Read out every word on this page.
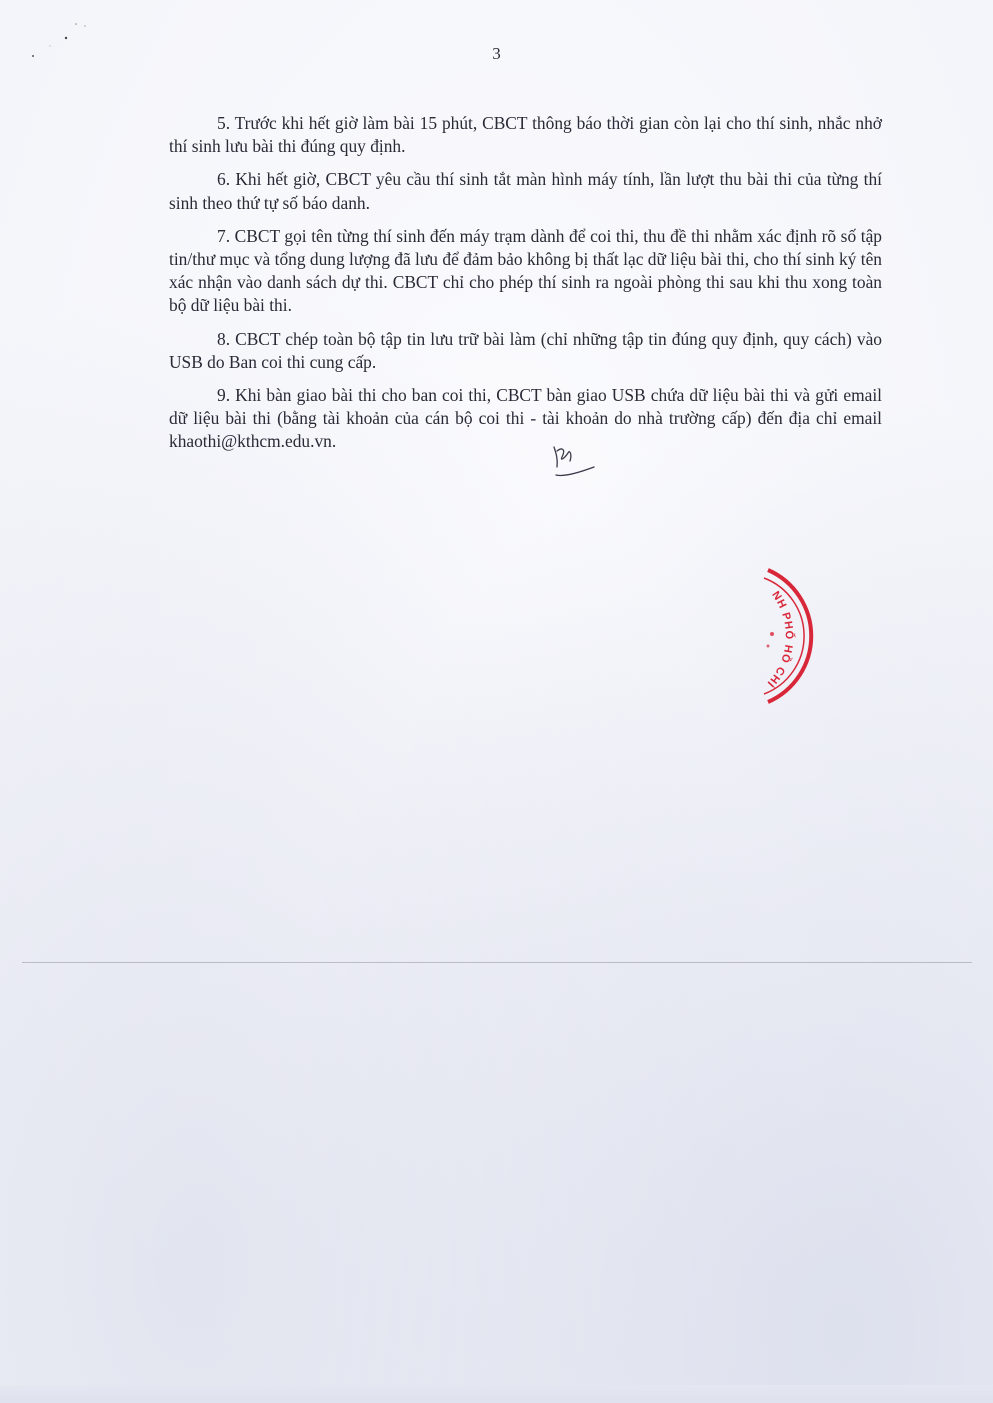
3

5. Trước khi hết giờ làm bài 15 phút, CBCT thông báo thời gian còn lại cho thí sinh, nhắc nhở thí sinh lưu bài thi đúng quy định.

6. Khi hết giờ, CBCT yêu cầu thí sinh tắt màn hình máy tính, lần lượt thu bài thi của từng thí sinh theo thứ tự số báo danh.

7. CBCT gọi tên từng thí sinh đến máy trạm dành để coi thi, thu đề thi nhằm xác định rõ số tập tin/thư mục và tổng dung lượng đã lưu để đảm bảo không bị thất lạc dữ liệu bài thi, cho thí sinh ký tên xác nhận vào danh sách dự thi. CBCT chỉ cho phép thí sinh ra ngoài phòng thi sau khi thu xong toàn bộ dữ liệu bài thi.

8. CBCT chép toàn bộ tập tin lưu trữ bài làm (chỉ những tập tin đúng quy định, quy cách) vào USB do Ban coi thi cung cấp.

9. Khi bàn giao bài thi cho ban coi thi, CBCT bàn giao USB chứa dữ liệu bài thi và gửi email dữ liệu bài thi (bằng tài khoản của cán bộ coi thi - tài khoản do nhà trường cấp) đến địa chỉ email khaothi@kthcm.edu.vn.

NH PHỐ HỒ CHÍ
